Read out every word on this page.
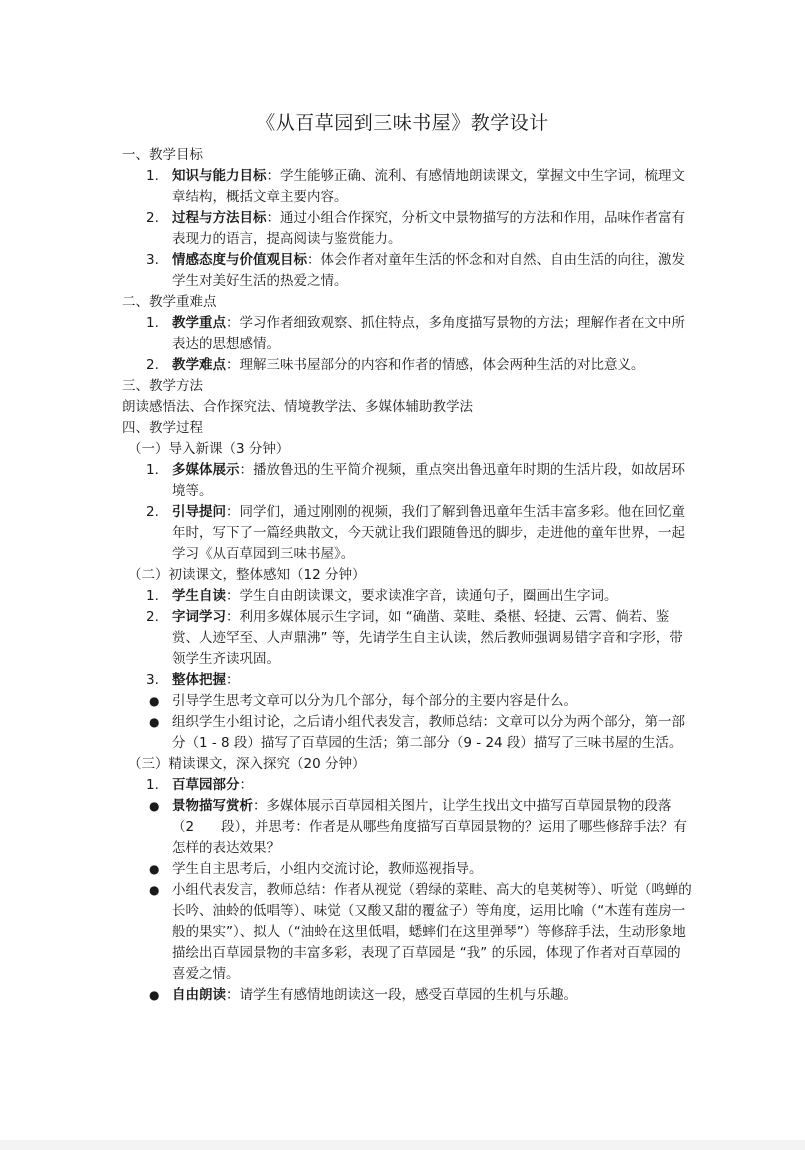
《从百草园到三味书屋》教学设计
一、教学目标
1. 知识与能力目标：学生能够正确、流利、有感情地朗读课文，掌握文中生字词，梳理文章结构，概括文章主要内容。
2. 过程与方法目标：通过小组合作探究，分析文中景物描写的方法和作用，品味作者富有表现力的语言，提高阅读与鉴赏能力。
3. 情感态度与价值观目标：体会作者对童年生活的怀念和对自然、自由生活的向往，激发学生对美好生活的热爱之情。
二、教学重难点
1. 教学重点：学习作者细致观察、抓住特点，多角度描写景物的方法；理解作者在文中所表达的思想感情。
2. 教学难点：理解三味书屋部分的内容和作者的情感，体会两种生活的对比意义。
三、教学方法
朗读感悟法、合作探究法、情境教学法、多媒体辅助教学法
四、教学过程
（一）导入新课（3 分钟）
1. 多媒体展示：播放鲁迅的生平简介视频，重点突出鲁迅童年时期的生活片段，如故居环境等。
2. 引导提问：同学们，通过刚刚的视频，我们了解到鲁迅童年生活丰富多彩。他在回忆童年时，写下了一篇经典散文，今天就让我们跟随鲁迅的脚步，走进他的童年世界，一起学习《从百草园到三味书屋》。
（二）初读课文，整体感知（12 分钟）
1. 学生自读：学生自由朗读课文，要求读准字音，读通句子，圈画出生字词。
2. 字词学习：利用多媒体展示生字词，如 “确凿、菜畦、桑椹、轻捷、云霄、倘若、鉴赏、人迹罕至、人声鼎沸” 等，先请学生自主认读，然后教师强调易错字音和字形，带领学生齐读巩固。
3. 整体把握：
● 引导学生思考文章可以分为几个部分，每个部分的主要内容是什么。
● 组织学生小组讨论，之后请小组代表发言，教师总结：文章可以分为两个部分，第一部分（1 - 8 段）描写了百草园的生活；第二部分（9 - 24 段）描写了三味书屋的生活。
（三）精读课文，深入探究（20 分钟）
1. 百草园部分：
● 景物描写赏析：多媒体展示百草园相关图片，让学生找出文中描写百草园景物的段落（2　　段），并思考：作者是从哪些角度描写百草园景物的？运用了哪些修辞手法？有怎样的表达效果？
● 学生自主思考后，小组内交流讨论，教师巡视指导。
● 小组代表发言，教师总结：作者从视觉（碧绿的菜畦、高大的皂荚树等）、听觉（鸣蝉的长吟、油蛉的低唱等）、味觉（又酸又甜的覆盆子）等角度，运用比喻（“木莲有莲房一般的果实”）、拟人（“油蛉在这里低唱，蟋蟀们在这里弹琴”）等修辞手法，生动形象地描绘出百草园景物的丰富多彩，表现了百草园是 “我” 的乐园，体现了作者对百草园的喜爱之情。
● 自由朗读：请学生有感情地朗读这一段，感受百草园的生机与乐趣。
